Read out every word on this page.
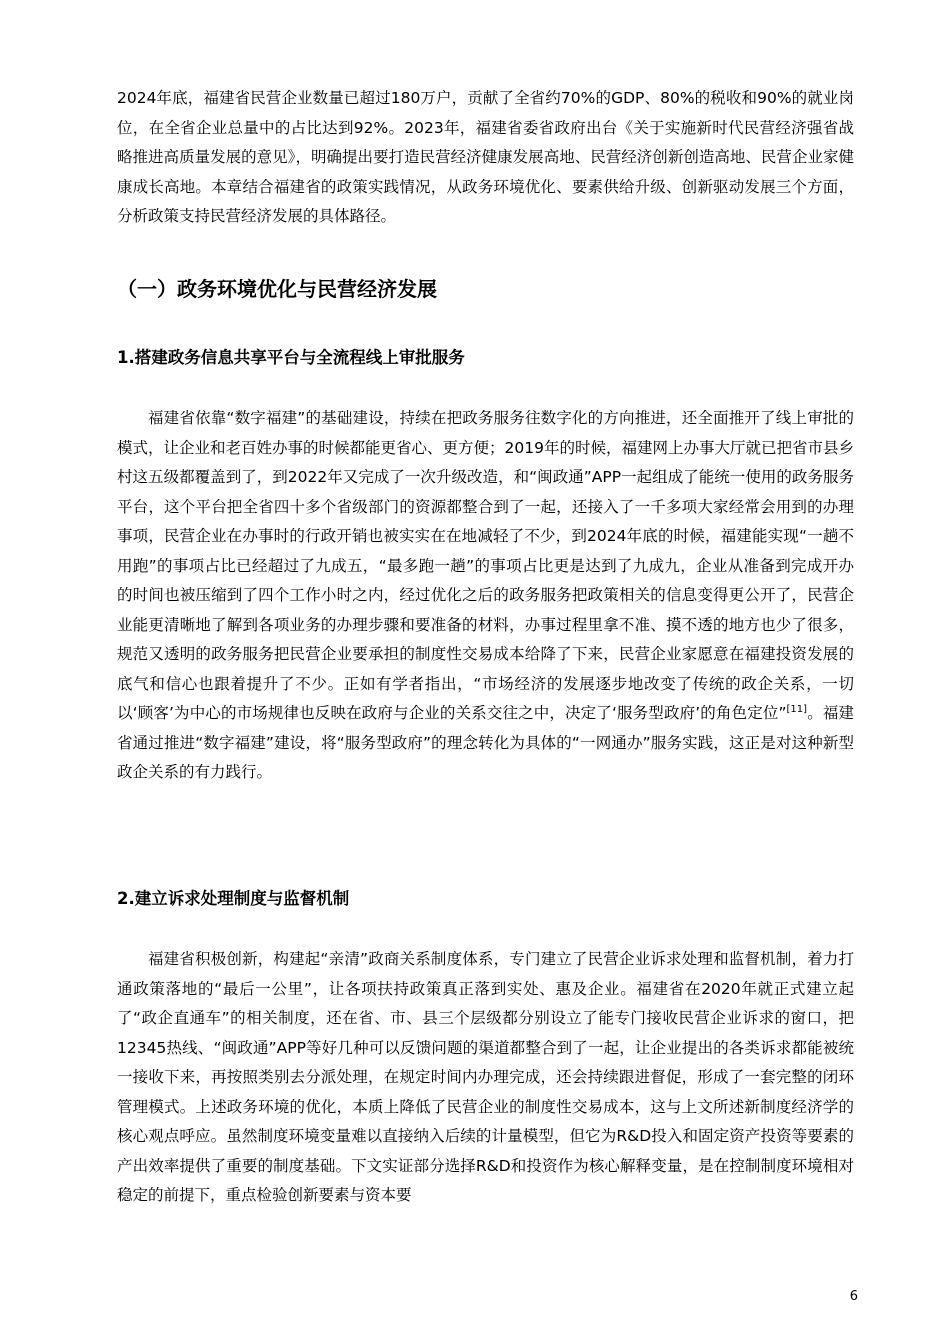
2024年底，福建省民营企业数量已超过180万户，贡献了全省约70%的GDP、80%的税收和90%的就业岗位，在全省企业总量中的占比达到92%。2023年，福建省委省政府出台《关于实施新时代民营经济强省战略推进高质量发展的意见》，明确提出要打造民营经济健康发展高地、民营经济创新创造高地、民营企业家健康成长高地。本章结合福建省的政策实践情况，从政务环境优化、要素供给升级、创新驱动发展三个方面，分析政策支持民营经济发展的具体路径。

（一）政务环境优化与民营经济发展
1.搭建政务信息共享平台与全流程线上审批服务

福建省依靠“数字福建”的基础建设，持续在把政务服务往数字化的方向推进，还全面推开了线上审批的模式，让企业和老百姓办事的时候都能更省心、更方便；2019年的时候，福建网上办事大厅就已把省市县乡村这五级都覆盖到了，到2022年又完成了一次升级改造，和“闽政通”APP一起组成了能统一使用的政务服务平台，这个平台把全省四十多个省级部门的资源都整合到了一起，还接入了一千多项大家经常会用到的办理事项，民营企业在办事时的行政开销也被实实在在地减轻了不少，到2024年底的时候，福建能实现“一趟不用跑”的事项占比已经超过了九成五，“最多跑一趟”的事项占比更是达到了九成九，企业从准备到完成开办的时间也被压缩到了四个工作小时之内，经过优化之后的政务服务把政策相关的信息变得更公开了，民营企业能更清晰地了解到各项业务的办理步骤和要准备的材料，办事过程里拿不准、摸不透的地方也少了很多，规范又透明的政务服务把民营企业要承担的制度性交易成本给降了下来，民营企业家愿意在福建投资发展的底气和信心也跟着提升了不少。正如有学者指出，“市场经济的发展逐步地改变了传统的政企关系，一切以‘顾客’为中心的市场规律也反映在政府与企业的关系交往之中，决定了‘服务型政府’的角色定位”[11]。福建省通过推进“数字福建”建设，将“服务型政府”的理念转化为具体的“一网通办”服务实践，这正是对这种新型政企关系的有力践行。

2.建立诉求处理制度与监督机制

福建省积极创新，构建起“亲清”政商关系制度体系，专门建立了民营企业诉求处理和监督机制，着力打通政策落地的“最后一公里”，让各项扶持政策真正落到实处、惠及企业。福建省在2020年就正式建立起了“政企直通车”的相关制度，还在省、市、县三个层级都分别设立了能专门接收民营企业诉求的窗口，把12345热线、“闽政通”APP等好几种可以反馈问题的渠道都整合到了一起，让企业提出的各类诉求都能被统一接收下来，再按照类别去分派处理，在规定时间内办理完成，还会持续跟进督促，形成了一套完整的闭环管理模式。上述政务环境的优化，本质上降低了民营企业的制度性交易成本，这与上文所述新制度经济学的核心观点呼应。虽然制度环境变量难以直接纳入后续的计量模型，但它为R&D投入和固定资产投资等要素的产出效率提供了重要的制度基础。下文实证部分选择R&D和投资作为核心解释变量，是在控制制度环境相对稳定的前提下，重点检验创新要素与资本要

6
